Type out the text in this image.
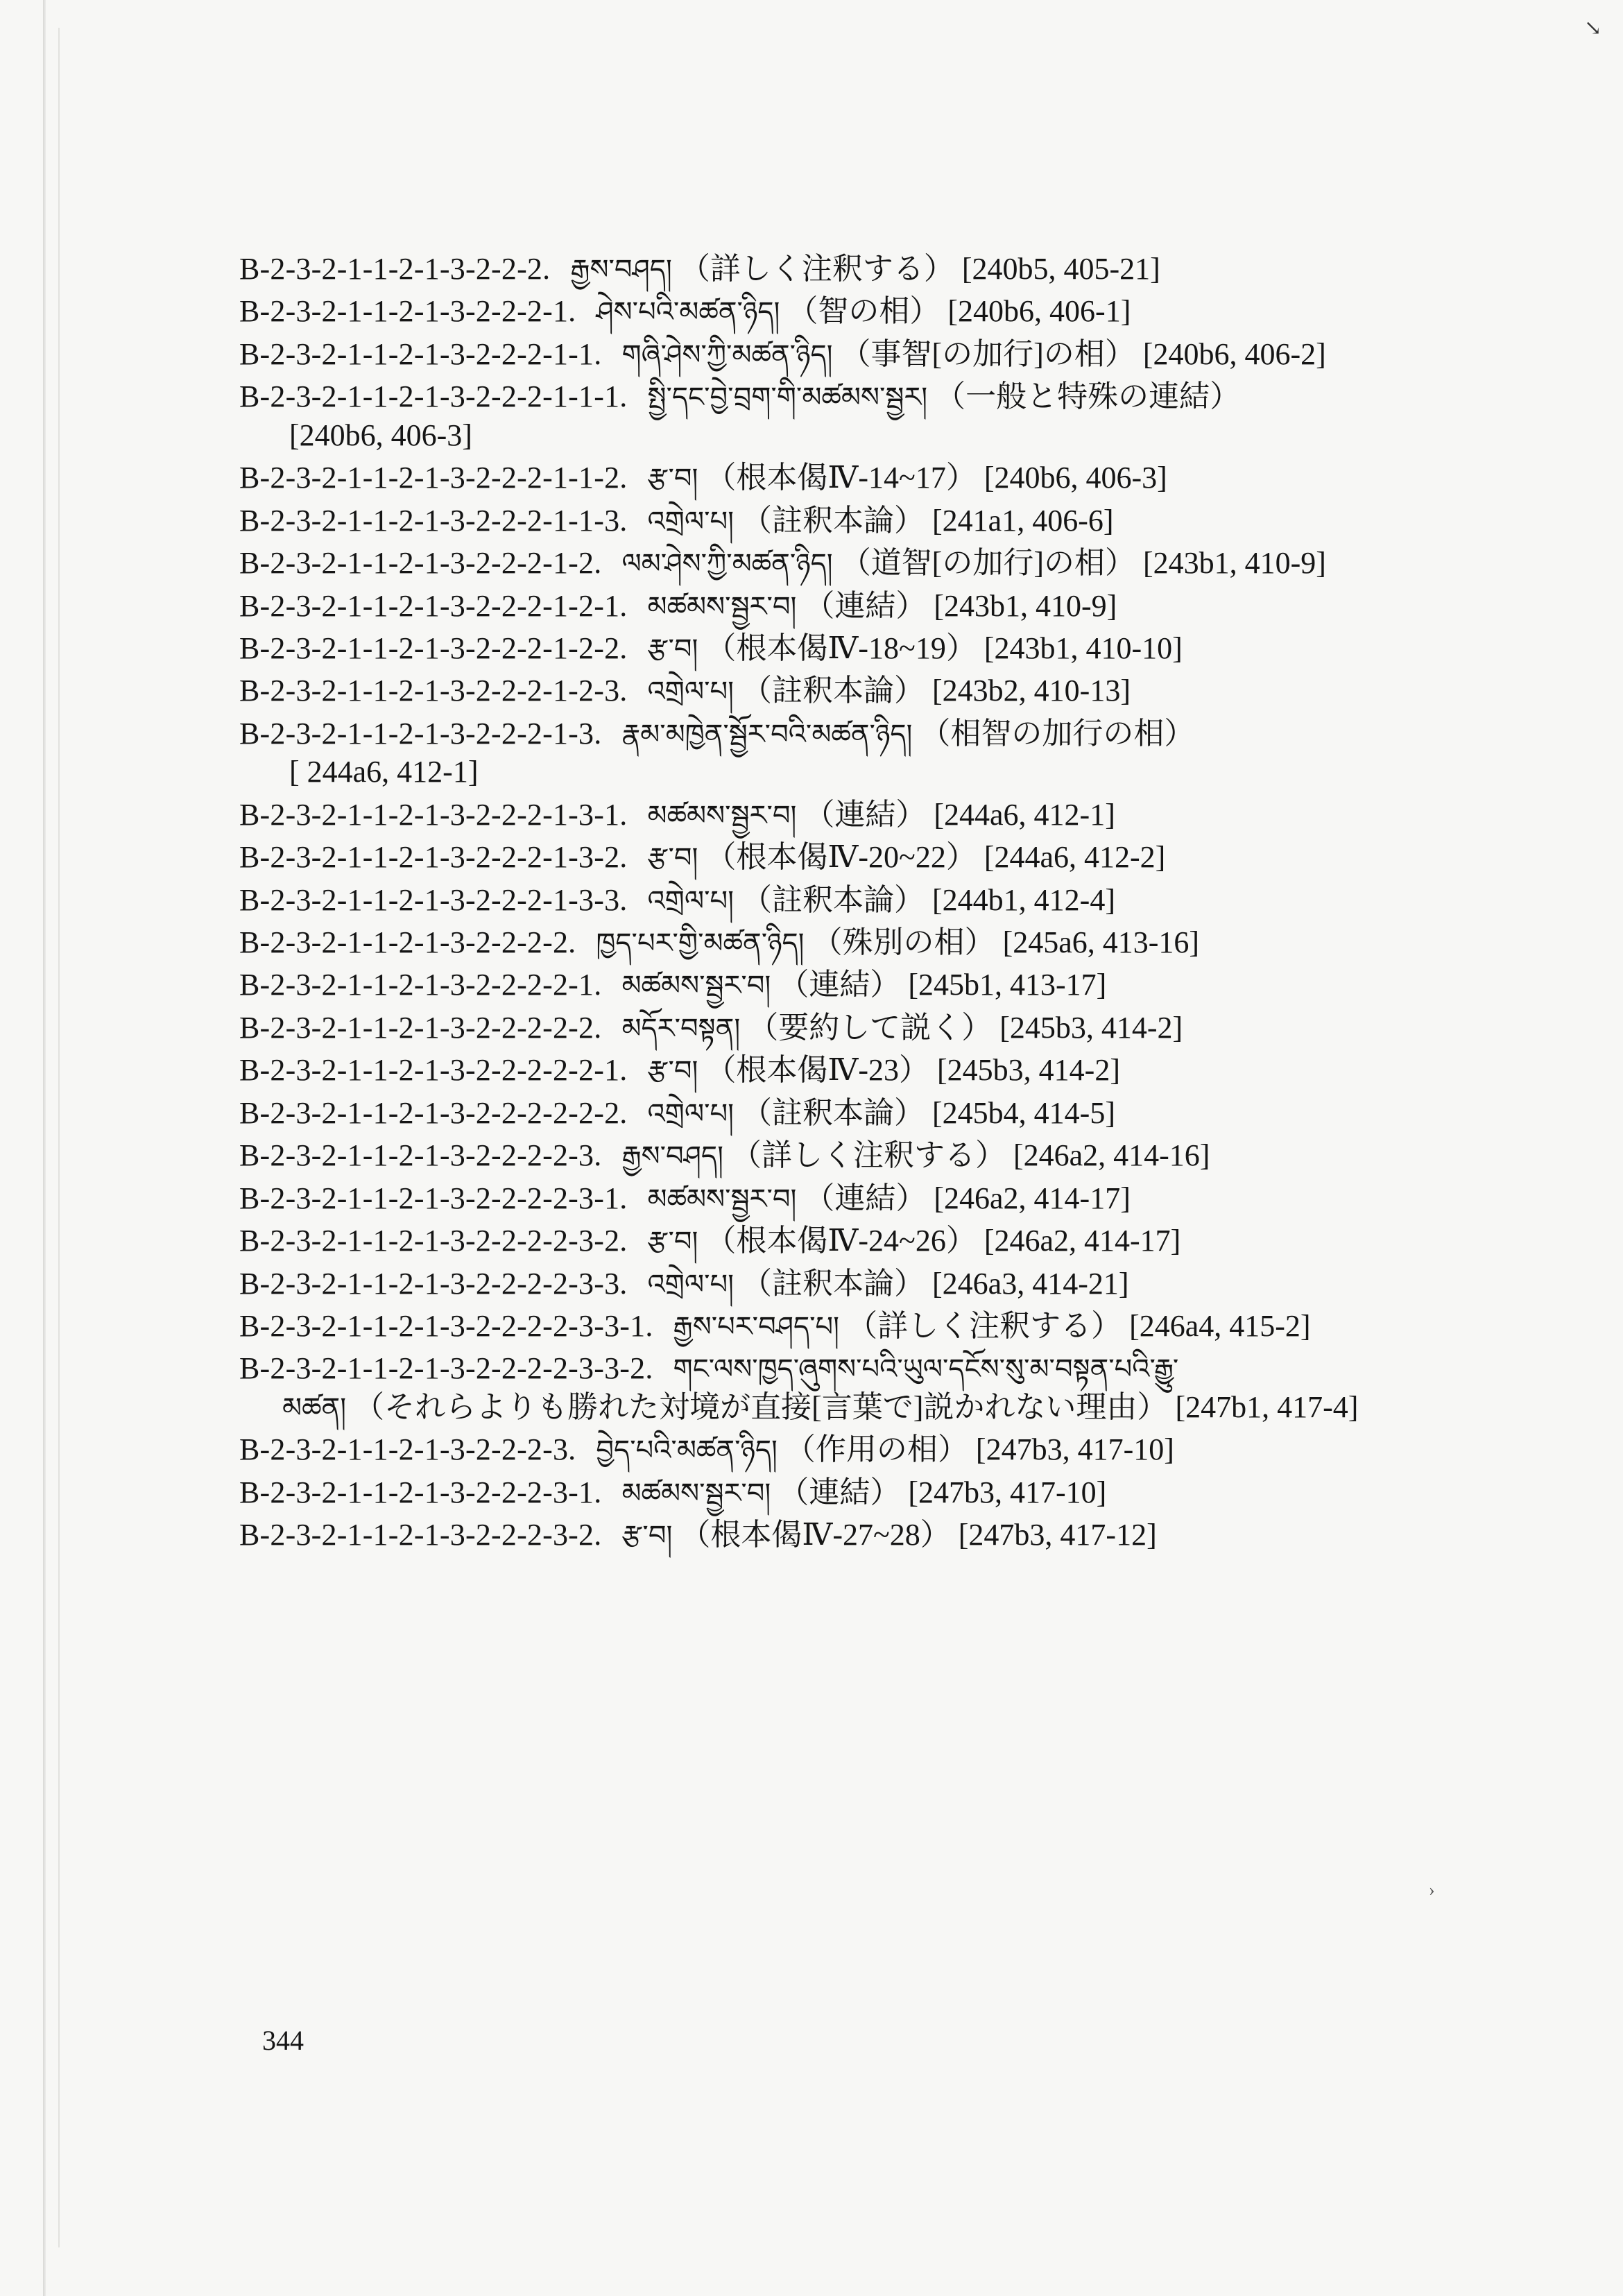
↘
B-2-3-2-1-1-2-1-3-2-2-2. རྒྱས་བཤད། （詳しく注釈する） [240b5, 405-21]
B-2-3-2-1-1-2-1-3-2-2-2-1. ཤེས་པའི་མཚན་ཉིད། （智の相） [240b6, 406-1]
B-2-3-2-1-1-2-1-3-2-2-2-1-1. གཞི་ཤེས་ཀྱི་མཚན་ཉིད། （事智[の加行]の相） [240b6, 406-2]
B-2-3-2-1-1-2-1-3-2-2-2-1-1-1. སྤྱི་དང་བྱེ་བྲག་གི་མཚམས་སྦྱར། （一般と特殊の連結）
[240b6, 406-3]
B-2-3-2-1-1-2-1-3-2-2-2-1-1-2. རྩ་བ། （根本偈Ⅳ-14~17） [240b6, 406-3]
B-2-3-2-1-1-2-1-3-2-2-2-1-1-3. འགྲེལ་པ། （註釈本論） [241a1, 406-6]
B-2-3-2-1-1-2-1-3-2-2-2-1-2. ལམ་ཤེས་ཀྱི་མཚན་ཉིད། （道智[の加行]の相） [243b1, 410-9]
B-2-3-2-1-1-2-1-3-2-2-2-1-2-1. མཚམས་སྦྱར་བ། （連結） [243b1, 410-9]
B-2-3-2-1-1-2-1-3-2-2-2-1-2-2. རྩ་བ། （根本偈Ⅳ-18~19） [243b1, 410-10]
B-2-3-2-1-1-2-1-3-2-2-2-1-2-3. འགྲེལ་པ། （註釈本論） [243b2, 410-13]
B-2-3-2-1-1-2-1-3-2-2-2-1-3. རྣམ་མཁྱེན་སྦྱོར་བའི་མཚན་ཉིད། （相智の加行の相）
[ 244a6, 412-1]
B-2-3-2-1-1-2-1-3-2-2-2-1-3-1. མཚམས་སྦྱར་བ། （連結） [244a6, 412-1]
B-2-3-2-1-1-2-1-3-2-2-2-1-3-2. རྩ་བ། （根本偈Ⅳ-20~22） [244a6, 412-2]
B-2-3-2-1-1-2-1-3-2-2-2-1-3-3. འགྲེལ་པ། （註釈本論） [244b1, 412-4]
B-2-3-2-1-1-2-1-3-2-2-2-2. ཁྱད་པར་གྱི་མཚན་ཉིད། （殊別の相） [245a6, 413-16]
B-2-3-2-1-1-2-1-3-2-2-2-2-1. མཚམས་སྦྱར་བ། （連結） [245b1, 413-17]
B-2-3-2-1-1-2-1-3-2-2-2-2-2. མདོར་བསྟན། （要約して説く） [245b3, 414-2]
B-2-3-2-1-1-2-1-3-2-2-2-2-2-1. རྩ་བ། （根本偈Ⅳ-23） [245b3, 414-2]
B-2-3-2-1-1-2-1-3-2-2-2-2-2-2. འགྲེལ་པ། （註釈本論） [245b4, 414-5]
B-2-3-2-1-1-2-1-3-2-2-2-2-3. རྒྱས་བཤད། （詳しく注釈する） [246a2, 414-16]
B-2-3-2-1-1-2-1-3-2-2-2-2-3-1. མཚམས་སྦྱར་བ། （連結） [246a2, 414-17]
B-2-3-2-1-1-2-1-3-2-2-2-2-3-2. རྩ་བ། （根本偈Ⅳ-24~26） [246a2, 414-17]
B-2-3-2-1-1-2-1-3-2-2-2-2-3-3. འགྲེལ་པ། （註釈本論） [246a3, 414-21]
B-2-3-2-1-1-2-1-3-2-2-2-2-3-3-1. རྒྱས་པར་བཤད་པ། （詳しく注釈する） [246a4, 415-2]
B-2-3-2-1-1-2-1-3-2-2-2-2-3-3-2. གང་ལས་ཁྱད་ཞུགས་པའི་ཡུལ་དངོས་སུ་མ་བསྟན་པའི་རྒྱུ་
མཚན། （それらよりも勝れた対境が直接[言葉で]説かれない理由） [247b1, 417-4]
B-2-3-2-1-1-2-1-3-2-2-2-3. བྱེད་པའི་མཚན་ཉིད། （作用の相） [247b3, 417-10]
B-2-3-2-1-1-2-1-3-2-2-2-3-1. མཚམས་སྦྱར་བ། （連結） [247b3, 417-10]
B-2-3-2-1-1-2-1-3-2-2-2-3-2. རྩ་བ། （根本偈Ⅳ-27~28） [247b3, 417-12]
›
344
